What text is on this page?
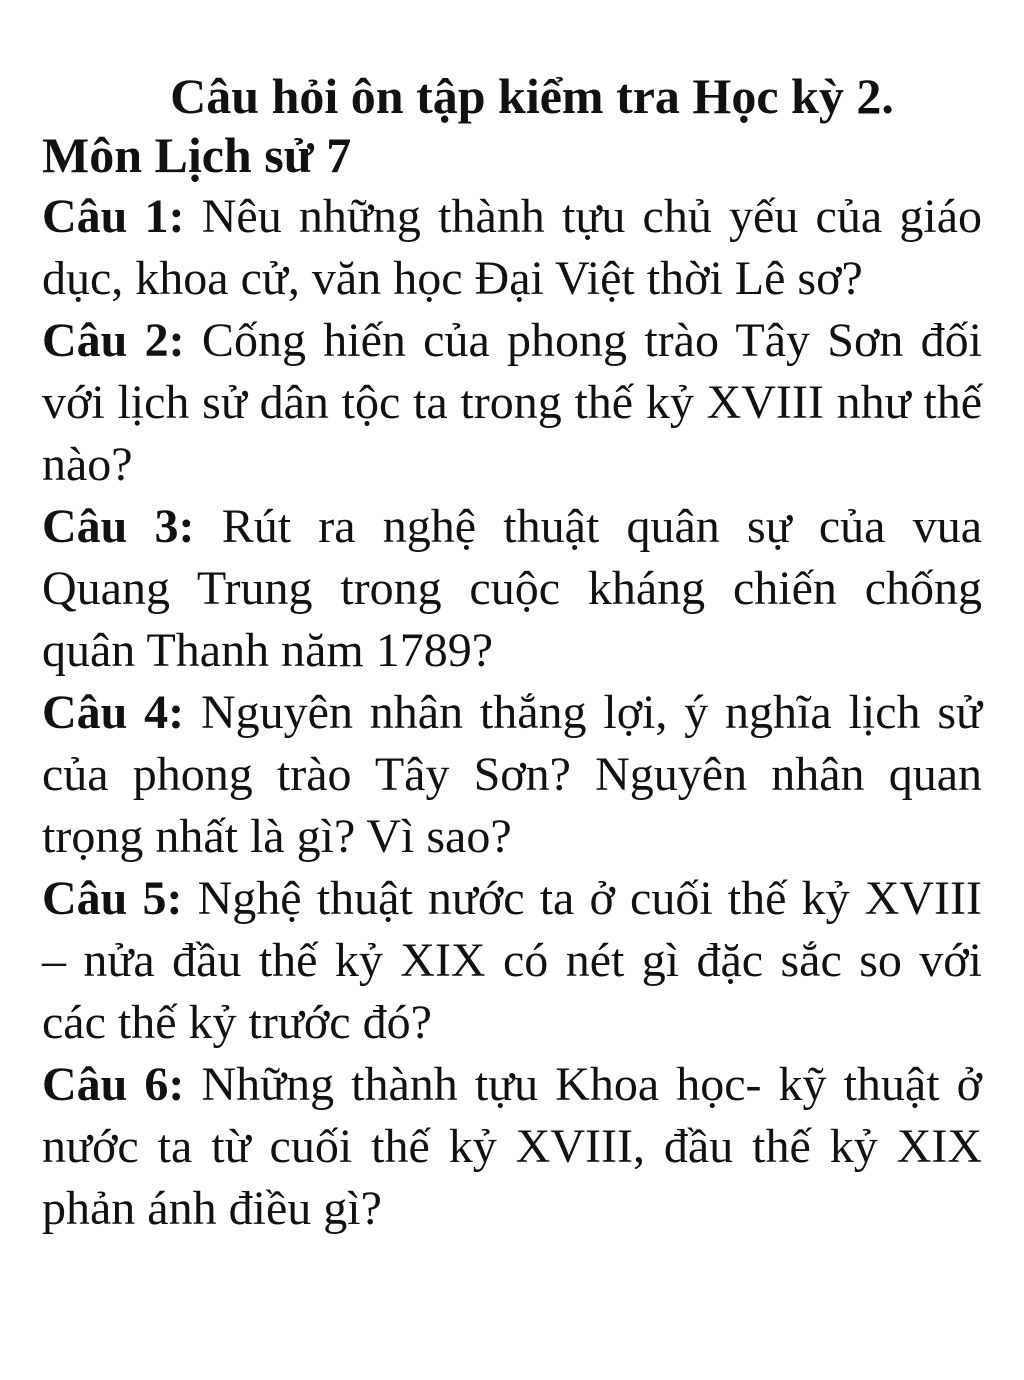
Câu hỏi ôn tập kiểm tra Học kỳ 2.
Môn Lịch sử 7

Câu 1: Nêu những thành tựu chủ yếu của giáo dục, khoa cử, văn học Đại Việt thời Lê sơ?

Câu 2: Cống hiến của phong trào Tây Sơn đối với lịch sử dân tộc ta trong thế kỷ XVIII như thế nào?

Câu 3: Rút ra nghệ thuật quân sự của vua Quang Trung trong cuộc kháng chiến chống quân Thanh năm 1789?

Câu 4: Nguyên nhân thắng lợi, ý nghĩa lịch sử của phong trào Tây Sơn? Nguyên nhân quan trọng nhất là gì? Vì sao?

Câu 5: Nghệ thuật nước ta ở cuối thế kỷ XVIII – nửa đầu thế kỷ XIX có nét gì đặc sắc so với các thế kỷ trước đó?

Câu 6: Những thành tựu Khoa học- kỹ thuật ở nước ta từ cuối thế kỷ XVIII, đầu thế kỷ XIX phản ánh điều gì?
